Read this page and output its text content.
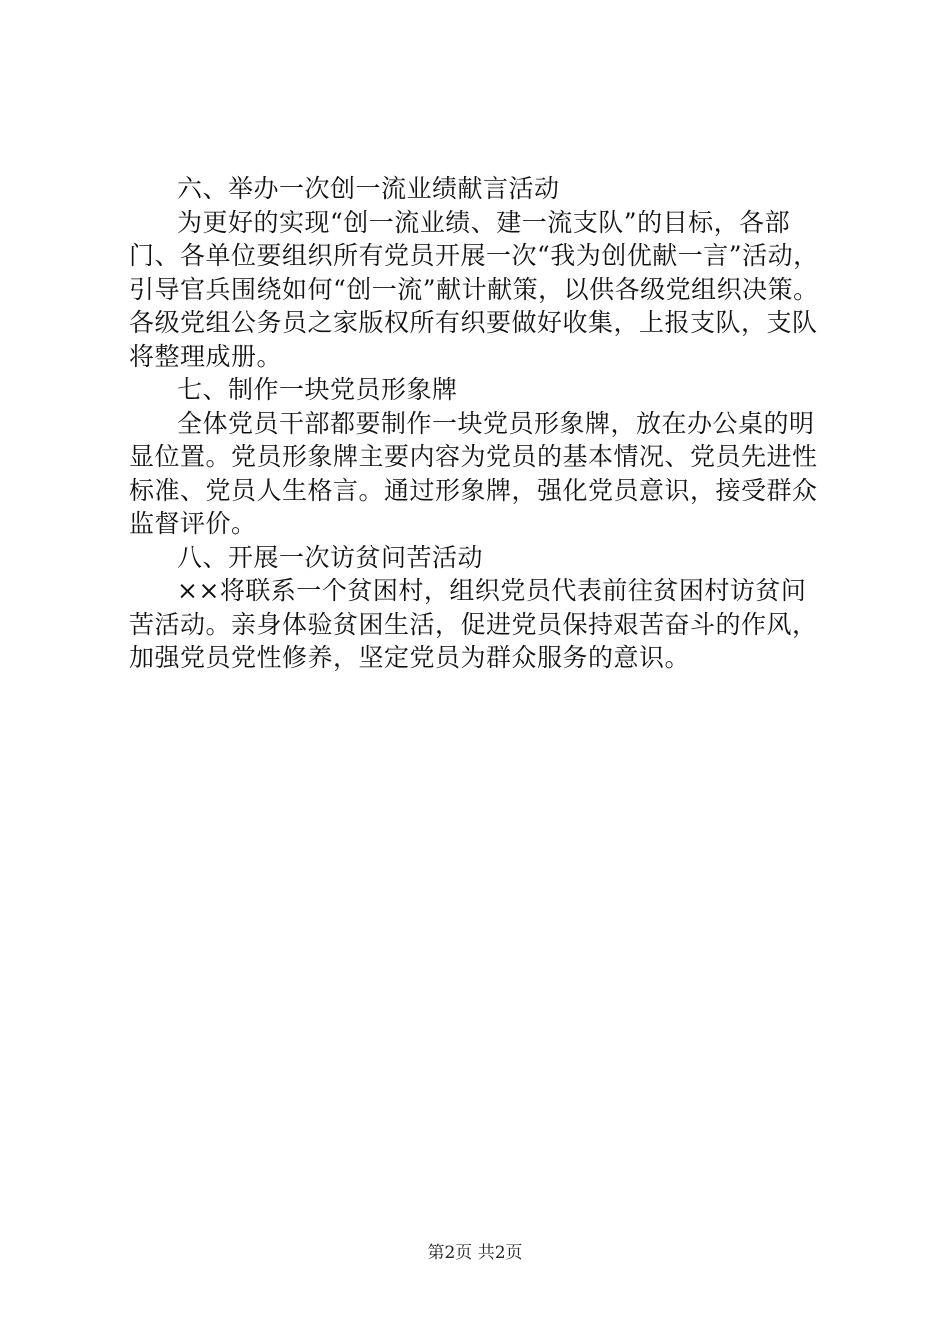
六、举办一次创一流业绩献言活动
为更好的实现“创一流业绩、建一流支队”的目标，各部
门、各单位要组织所有党员开展一次“我为创优献一言”活动，
引导官兵围绕如何“创一流”献计献策，以供各级党组织决策。
各级党组公务员之家版权所有织要做好收集，上报支队，支队
将整理成册。
七、制作一块党员形象牌
全体党员干部都要制作一块党员形象牌，放在办公桌的明
显位置。党员形象牌主要内容为党员的基本情况、党员先进性
标准、党员人生格言。通过形象牌，强化党员意识，接受群众
监督评价。
八、开展一次访贫问苦活动
××将联系一个贫困村，组织党员代表前往贫困村访贫问
苦活动。亲身体验贫困生活，促进党员保持艰苦奋斗的作风，
加强党员党性修养，坚定党员为群众服务的意识。
第2页 共2页
